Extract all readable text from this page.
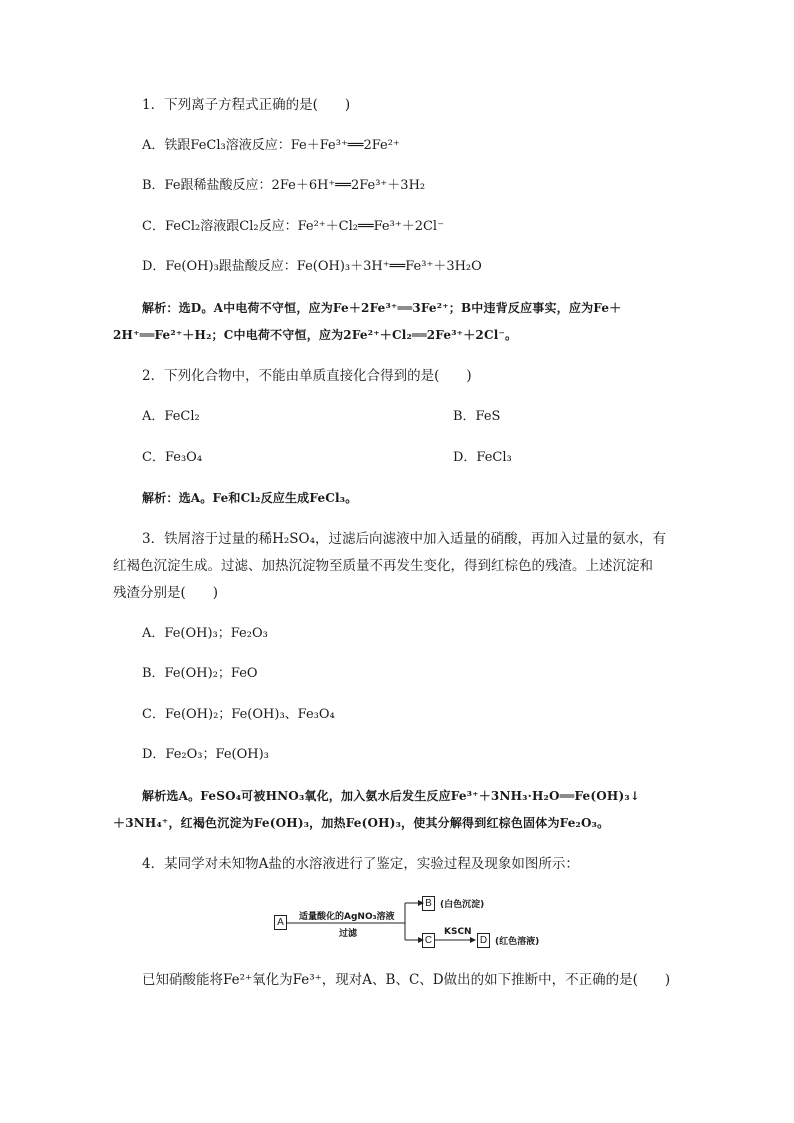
1．下列离子方程式正确的是(　　)
A．铁跟FeCl₃溶液反应：Fe＋Fe³⁺══2Fe²⁺
B．Fe跟稀盐酸反应：2Fe＋6H⁺══2Fe³⁺＋3H₂
C．FeCl₂溶液跟Cl₂反应：Fe²⁺＋Cl₂══Fe³⁺＋2Cl⁻
D．Fe(OH)₃跟盐酸反应：Fe(OH)₃＋3H⁺══Fe³⁺＋3H₂O
解析：选D。A中电荷不守恒，应为Fe＋2Fe³⁺══3Fe²⁺；B中违背反应事实，应为Fe＋
2H⁺══Fe²⁺＋H₂；C中电荷不守恒，应为2Fe²⁺＋Cl₂══2Fe³⁺＋2Cl⁻。
2．下列化合物中，不能由单质直接化合得到的是(　　)
A．FeCl₂	B．FeS
C．Fe₃O₄	D．FeCl₃
解析：选A。Fe和Cl₂反应生成FeCl₃。
3．铁屑溶于过量的稀H₂SO₄，过滤后向滤液中加入适量的硝酸，再加入过量的氨水，有
红褐色沉淀生成。过滤、加热沉淀物至质量不再发生变化，得到红棕色的残渣。上述沉淀和
残渣分别是(　　)
A．Fe(OH)₃；Fe₂O₃
B．Fe(OH)₂；FeO
C．Fe(OH)₂；Fe(OH)₃、Fe₃O₄
D．Fe₂O₃；Fe(OH)₃
解析选A。FeSO₄可被HNO₃氧化，加入氨水后发生反应Fe³⁺＋3NH₃·H₂O══Fe(OH)₃↓
＋3NH₄⁺，红褐色沉淀为Fe(OH)₃，加热Fe(OH)₃，使其分解得到红棕色固体为Fe₂O₃。
4．某同学对未知物A盐的水溶液进行了鉴定，实验过程及现象如图所示：
A	适量酸化的AgNO₃溶液
过滤
B (白色沉淀)
C
KSCN
D (红色溶液)
已知硝酸能将Fe²⁺氧化为Fe³⁺，现对A、B、C、D做出的如下推断中，不正确的是(　　)
